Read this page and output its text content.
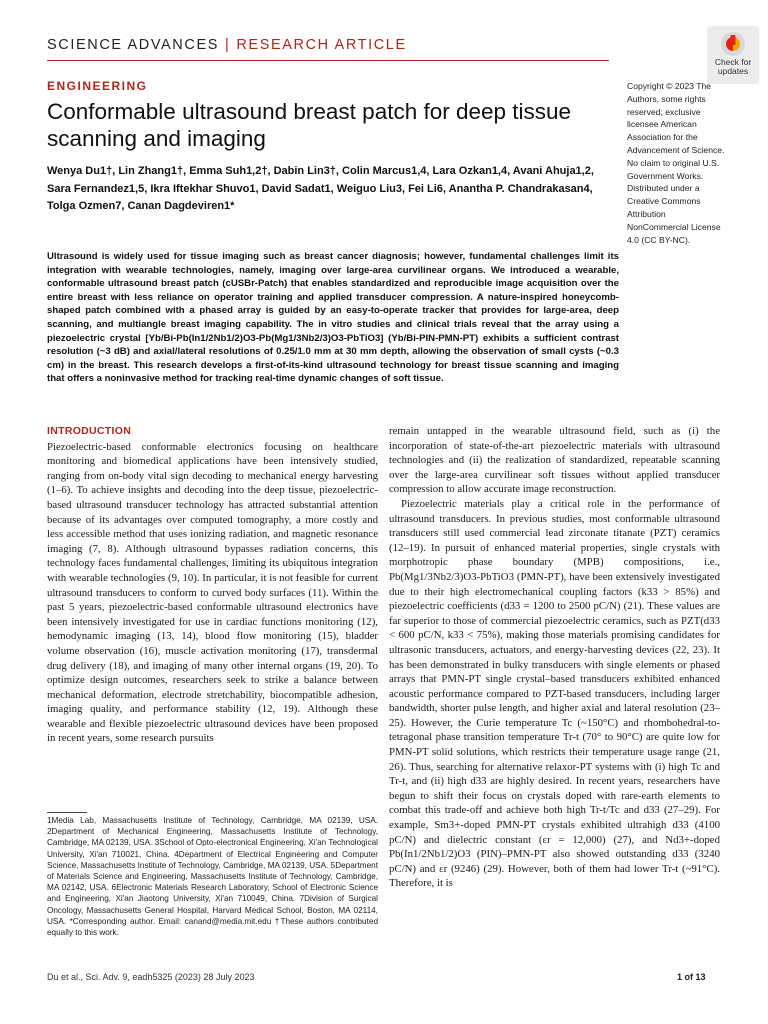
SCIENCE ADVANCES | RESEARCH ARTICLE
Check for updates
ENGINEERING
Conformable ultrasound breast patch for deep tissue scanning and imaging
Wenya Du1†, Lin Zhang1†, Emma Suh1,2†, Dabin Lin3†, Colin Marcus1,4, Lara Ozkan1,4, Avani Ahuja1,2, Sara Fernandez1,5, Ikra Iftekhar Shuvo1, David Sadat1, Weiguo Liu3, Fei Li6, Anantha P. Chandrakasan4, Tolga Ozmen7, Canan Dagdeviren1*

Ultrasound is widely used for tissue imaging such as breast cancer diagnosis; however, fundamental challenges limit its integration with wearable technologies, namely, imaging over large-area curvilinear organs. We introduced a wearable, conformable ultrasound breast patch (cUSBr-Patch) that enables standardized and reproducible image acquisition over the entire breast with less reliance on operator training and applied transducer compression. A nature-inspired honeycomb-shaped patch combined with a phased array is guided by an easy-to-operate tracker that provides for large-area, deep scanning, and multiangle breast imaging capability. The in vitro studies and clinical trials reveal that the array using a piezoelectric crystal [Yb/Bi-Pb(In1/2Nb1/2)O3-Pb(Mg1/3Nb2/3)O3-PbTiO3] (Yb/Bi-PIN-PMN-PT) exhibits a sufficient contrast resolution (~3 dB) and axial/lateral resolutions of 0.25/1.0 mm at 30 mm depth, allowing the observation of small cysts (~0.3 cm) in the breast. This research develops a first-of-its-kind ultrasound technology for breast tissue scanning and imaging that offers a noninvasive method for tracking real-time dynamic changes of soft tissue.

Copyright © 2023 The Authors, some rights reserved; exclusive licensee American Association for the Advancement of Science. No claim to original U.S. Government Works. Distributed under a Creative Commons Attribution NonCommercial License 4.0 (CC BY-NC).

INTRODUCTION

Piezoelectric-based conformable electronics focusing on healthcare monitoring and biomedical applications have been intensively studied, ranging from on-body vital sign decoding to mechanical energy harvesting (1–6). To achieve insights and decoding into the deep tissue, piezoelectric-based ultrasound transducer technology has attracted substantial attention because of its advantages over computed tomography, a more costly and less accessible method that uses ionizing radiation, and magnetic resonance imaging (7, 8). Although ultrasound bypasses radiation concerns, this technology faces fundamental challenges, limiting its ubiquitous integration with wearable technologies (9, 10). In particular, it is not feasible for current ultrasound transducers to conform to curved body surfaces (11). Within the past 5 years, piezoelectric-based conformable ultrasound electronics have been intensively investigated for use in cardiac functions monitoring (12), hemodynamic imaging (13, 14), blood flow monitoring (15), bladder volume observation (16), muscle activation monitoring (17), transdermal drug delivery (18), and imaging of many other internal organs (19, 20). To optimize design outcomes, researchers seek to strike a balance between mechanical deformation, electrode stretchability, biocompatible adhesion, imaging quality, and performance stability (12, 19). Although these wearable and flexible piezoelectric ultrasound devices have been proposed in recent years, some research pursuits

remain untapped in the wearable ultrasound field, such as (i) the incorporation of state-of-the-art piezoelectric materials with ultrasound technologies and (ii) the realization of standardized, repeatable scanning over the large-area curvilinear soft tissues without applied transducer compression to allow accurate image reconstruction.

Piezoelectric materials play a critical role in the performance of ultrasound transducers. In previous studies, most conformable ultrasound transducers still used commercial lead zirconate titanate (PZT) ceramics (12–19). In pursuit of enhanced material properties, single crystals with morphotropic phase boundary (MPB) compositions, i.e., Pb(Mg1/3Nb2/3)O3-PbTiO3 (PMN-PT), have been extensively investigated due to their high electromechanical coupling factors (k33 > 85%) and piezoelectric coefficients (d33 = 1200 to 2500 pC/N) (21). These values are far superior to those of commercial piezoelectric ceramics, such as PZT(d33 < 600 pC/N, k33 < 75%), making those materials promising candidates for ultrasonic transducers, actuators, and energy-harvesting devices (22, 23). It has been demonstrated in bulky transducers with single elements or phased arrays that PMN-PT single crystal–based transducers exhibited enhanced acoustic performance compared to PZT-based transducers, including larger bandwidth, shorter pulse length, and higher axial and lateral resolution (23–25). However, the Curie temperature Tc (~150°C) and rhombohedral-to-tetragonal phase transition temperature Tr-t (70° to 90°C) are quite low for PMN-PT solid solutions, which restricts their temperature usage range (21, 26). Thus, searching for alternative relaxor-PT systems with (i) high Tc and Tr-t, and (ii) high d33 are highly desired. In recent years, researchers have begun to shift their focus on crystals doped with rare-earth elements to combat this trade-off and achieve both high Tr-t/Tc and d33 (27–29). For example, Sm3+-doped PMN-PT crystals exhibited ultrahigh d33 (4100 pC/N) and dielectric constant (εr = 12,000) (27), and Nd3+-doped Pb(In1/2Nb1/2)O3 (PIN)–PMN-PT also showed outstanding d33 (3240 pC/N) and εr (9246) (29). However, both of them had lower Tr-t (~91°C). Therefore, it is

1Media Lab, Massachusetts Institute of Technology, Cambridge, MA 02139, USA. 2Department of Mechanical Engineering, Massachusetts Institute of Technology, Cambridge, MA 02139, USA. 3School of Opto-electronical Engineering, Xi'an Technological University, Xi'an 710021, China. 4Department of Electrical Engineering and Computer Science, Massachusetts Institute of Technology, Cambridge, MA 02139, USA. 5Department of Materials Science and Engineering, Massachusetts Institute of Technology, Cambridge, MA 02142, USA. 6Electronic Materials Research Laboratory, School of Electronic Science and Engineering, Xi'an Jiaotong University, Xi'an 710049, China. 7Division of Surgical Oncology, Massachusetts General Hospital, Harvard Medical School, Boston, MA 02114, USA. *Corresponding author. Email: canand@media.mit.edu †These authors contributed equally to this work.

Du et al., Sci. Adv. 9, eadh5325 (2023) 28 July 2023	1 of 13
